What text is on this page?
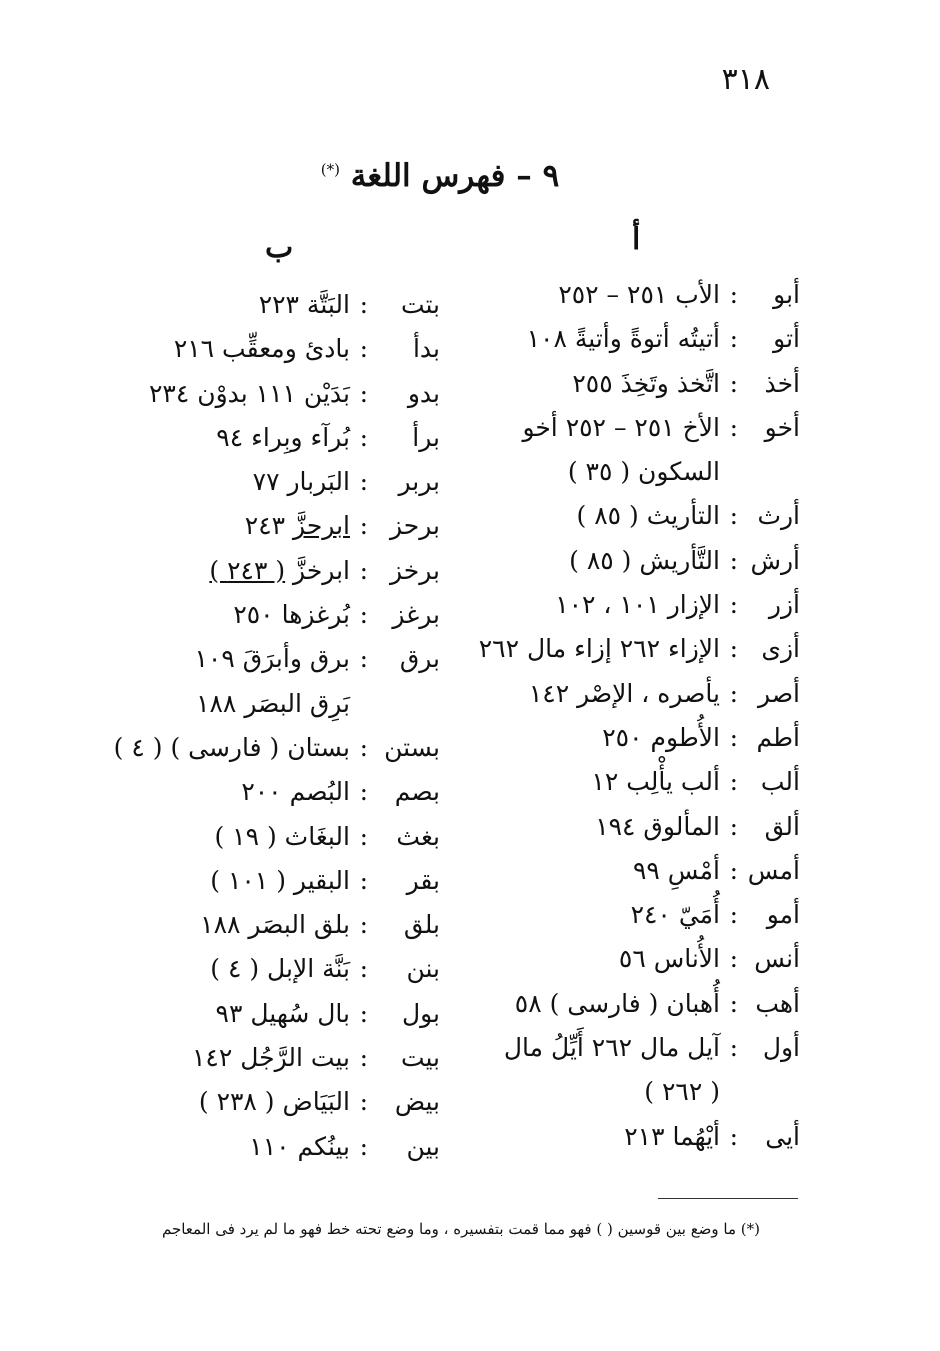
٣١٨
٩ – فهرس اللغة (*)
أ
ب
أبو
:
الأب ٢٥١ – ٢٥٢
أتو
:
أتيتُه أتوةً وأتيةً ١٠٨
أخذ
:
اتَّخذ وتَخِذَ ٢٥٥
أخو
:
الأخ ٢٥١ – ٢٥٢ أخو
السكون ( ٣٥ )
أرث
:
التأريث ( ٨٥ )
أرش
:
التَّأريش ( ٨٥ )
أزر
:
الإزار ١٠١ ، ١٠٢
أزى
:
الإزاء ٢٦٢ إزاء مال ٢٦٢
أصر
:
يأصره ، الإصْر ١٤٢
أطم
:
الأُطوم ٢٥٠
ألب
:
ألب يأْلِب ١٢
ألق
:
المألوق ١٩٤
أمس
:
أمْسِ ٩٩
أمو
:
أُمَيّ ٢٤٠
أنس
:
الأُناس ٥٦
أهب
:
أُهبان ( فارسى ) ٥٨
أول
:
آيل مال ٢٦٢ أَيِّلُ مال
( ٢٦٢ )
أيى
:
أيْهُما ٢١٣
بتت
:
البَتَّة ٢٢٣
بدأ
:
بادئ ومعقِّب ٢١٦
بدو
:
بَدَيْن ١١١ بدوْن ٢٣٤
برأ
:
بُرآء وبِراء ٩٤
بربر
:
البَربار ٧٧
برحز
:
ابرحزَّ ٢٤٣
برخز
:
ابرخزَّ ( ٢٤٣ )
برغز
:
بُرغزها ٢٥٠
برق
:
برق وأبرَقَ ١٠٩
بَرِق البصَر ١٨٨
بستن
:
بستان ( فارسى ) ( ٤ )
بصم
:
البُصم ٢٠٠
بغث
:
البغَاث ( ١٩ )
بقر
:
البقير ( ١٠١ )
بلق
:
بلق البصَر ١٨٨
بنن
:
بَنَّة الإبل ( ٤ )
بول
:
بال سُهيل ٩٣
بيت
:
بيت الرَّجُل ١٤٢
بيض
:
البَيَاض ( ٢٣٨ )
بين
:
بينُكم ١١٠
(*) ما وضع بين قوسين ( ) فهو مما قمت بتفسيره ، وما وضع تحته خط فهو ما لم يرد فى المعاجم
